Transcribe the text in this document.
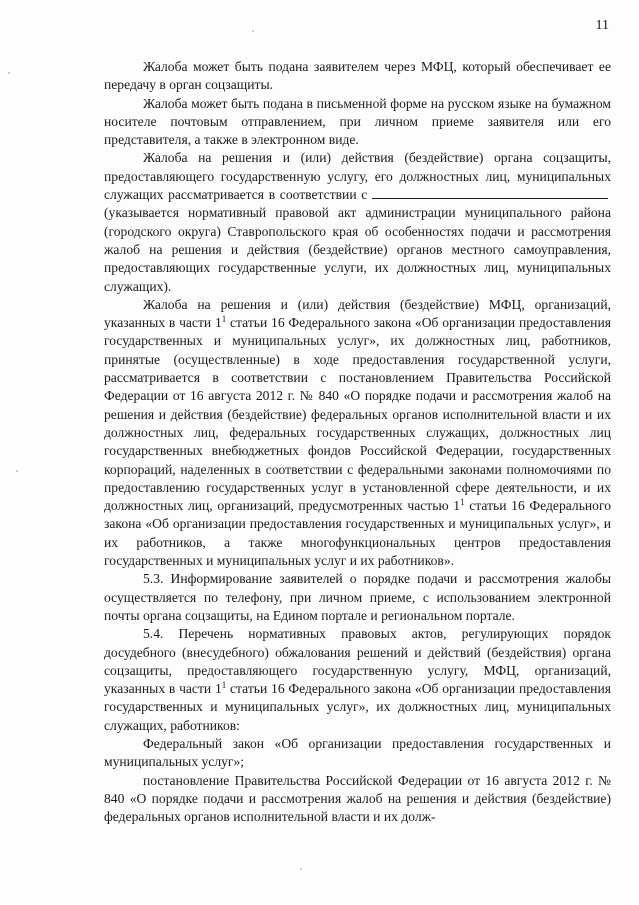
11

Жалоба может быть подана заявителем через МФЦ, который обеспечивает ее передачу в орган соцзащиты.

Жалоба может быть подана в письменной форме на русском языке на бумажном носителе почтовым отправлением, при личном приеме заявителя или его представителя, а также в электронном виде.

Жалоба на решения и (или) действия (бездействие) органа соцзащиты, предоставляющего государственную услугу, его должностных лиц, муниципальных служащих рассматривается в соответствии с (указывается нормативный правовой акт администрации муниципального района (городского округа) Ставропольского края об особенностях подачи и рассмотрения жалоб на решения и действия (бездействие) органов местного самоуправления, предоставляющих государственные услуги, их должностных лиц, муниципальных служащих).

Жалоба на решения и (или) действия (бездействие) МФЦ, организаций, указанных в части $1^1$ статьи 16 Федерального закона «Об организации предоставления государственных и муниципальных услуг», их должностных лиц, работников, принятые (осуществленные) в ходе предоставления государственной услуги, рассматривается в соответствии с постановлением Правительства Российской Федерации от 16 августа 2012 г. № 840 «О порядке подачи и рассмотрения жалоб на решения и действия (бездействие) федеральных органов исполнительной власти и их должностных лиц, федеральных государственных служащих, должностных лиц государственных внебюджетных фондов Российской Федерации, государственных корпораций, наделенных в соответствии с федеральными законами полномочиями по предоставлению государственных услуг в установленной сфере деятельности, и их должностных лиц, организаций, предусмотренных частью $1^1$ статьи 16 Федерального закона «Об организации предоставления государственных и муниципальных услуг», и их работников, а также многофункциональных центров предоставления государственных и муниципальных услуг и их работников».

5.3. Информирование заявителей о порядке подачи и рассмотрения жалобы осуществляется по телефону, при личном приеме, с использованием электронной почты органа соцзащиты, на Едином портале и региональном портале.

5.4. Перечень нормативных правовых актов, регулирующих порядок досудебного (внесудебного) обжалования решений и действий (бездействия) органа соцзащиты, предоставляющего государственную услугу, МФЦ, организаций, указанных в части $1^1$ статьи 16 Федерального закона «Об организации предоставления государственных и муниципальных услуг», их должностных лиц, муниципальных служащих, работников:

Федеральный закон «Об организации предоставления государственных и муниципальных услуг»;

постановление Правительства Российской Федерации от 16 августа 2012 г. № 840 «О порядке подачи и рассмотрения жалоб на решения и действия (бездействие) федеральных органов исполнительной власти и их долж-
